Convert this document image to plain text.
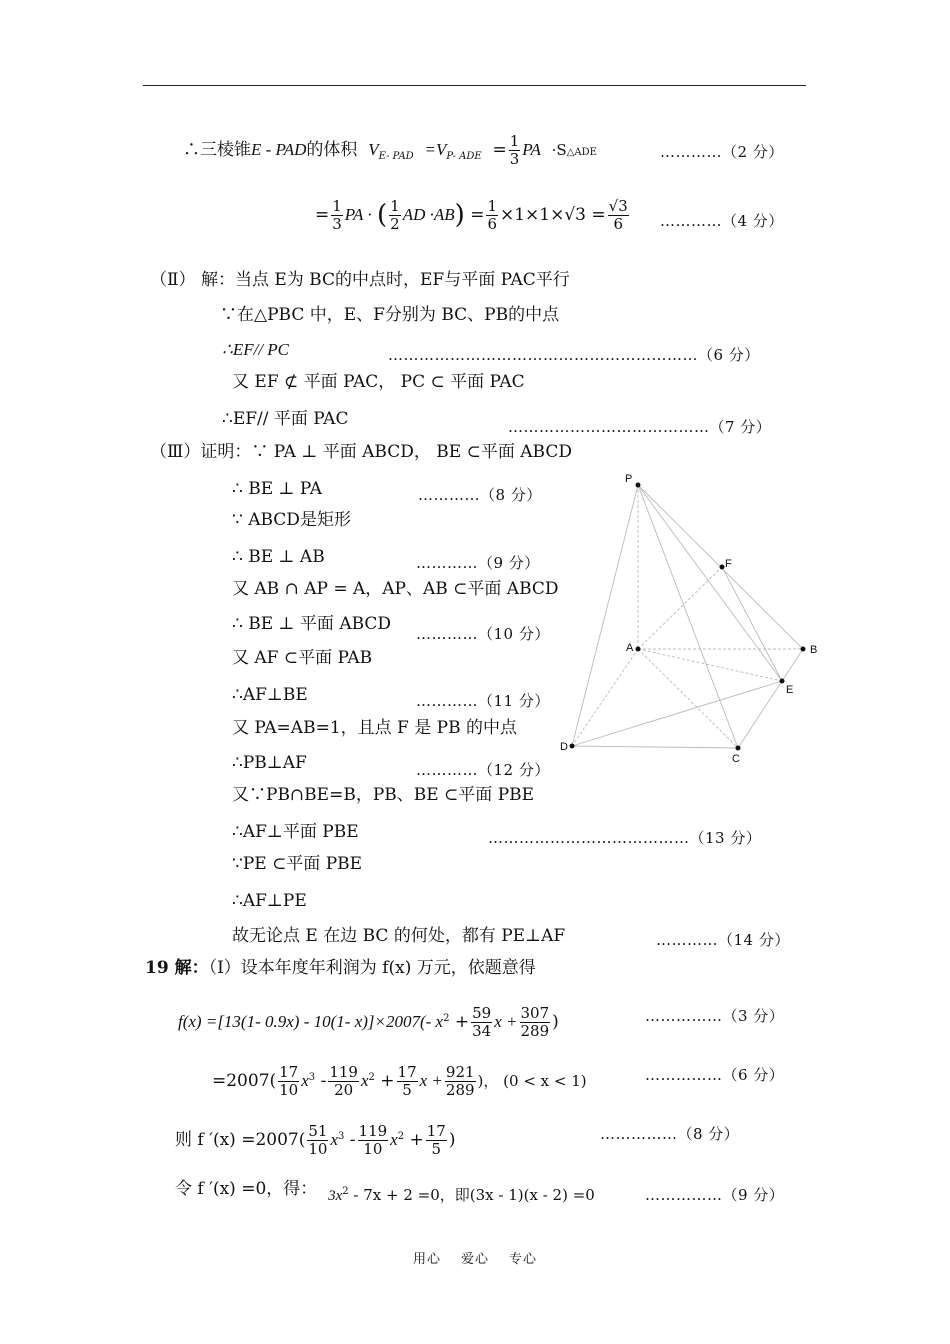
∴三棱锥E - PAD的体积 $V_{E- PAD} =V_{P- ADE} = \frac{1}{3}$ PA ·S△ADE	…………（2 分）
= $\frac{1}{3}$ PA · ( $\frac{1}{2}$ AD $\cdot AB) = \frac{1}{6} \times 1\times 1\times√3 = \frac{√3}{6}$ …………（4 分）
（Ⅱ） 解：当点 E为 BC的中点时，EF与平面 PAC平行
∵在△PBC 中，E、F分别为 BC、PB的中点
∴EF// PC	……………………………………………………（6 分）
又 EF ⊄ 平面 PAC， PC ⊂ 平面 PAC
∴EF// 平面 PAC	…………………………………（7 分）
（Ⅲ）证明：∵ PA ⊥ 平面 ABCD， BE ⊂平面 ABCD
∴ BE ⊥ PA	…………（8 分）
∵ ABCD是矩形
∴ BE ⊥ AB	…………（9 分）
又 AB ∩ AP = A，AP、AB ⊂平面 ABCD
∴ BE ⊥ 平面 ABCD …………（10 分）
又 AF ⊂平面 PAB
∴AF⊥BE	…………（11 分）
又 PA=AB=1，且点 F 是 PB 的中点
∴PB⊥AF	…………（12 分）
又∵PB∩BE=B，PB、BE ⊂平面 PBE
∴AF⊥平面 PBE	…………………………………（13 分）
∵PE ⊂平面 PBE
∴AF⊥PE
故无论点 E 在边 BC 的何处，都有 PE⊥AF	…………（14 分）
P
F
A	B
E
D
C
19 解：（Ⅰ）设本年度年利润为 f(x) 万元，依题意得
f(x) =[13(1- 0.9x) - 10(1- x)]×2007(- $x^2 + \frac{59}{34}$ $x + \frac{307}{289}$ )	……………（3 分）
$=2007( \frac{17}{10} x^3 - \frac{119}{20} x^2 + \frac{17}{5}$ $x + \frac{921}{289}$ )， (0 < x < 1)	……………（6 分）
则 f $'(x) =2007( \frac{51}{10} x^3 - \frac{119}{10} x^2 + \frac{17}{5}$ )	……………（8 分）
令 f ′(x) =0，得： $3x^2 - 7x + 2 =0$，即(3x - 1)(x - 2) =0	……………（9 分）
用心 爱心 专心
